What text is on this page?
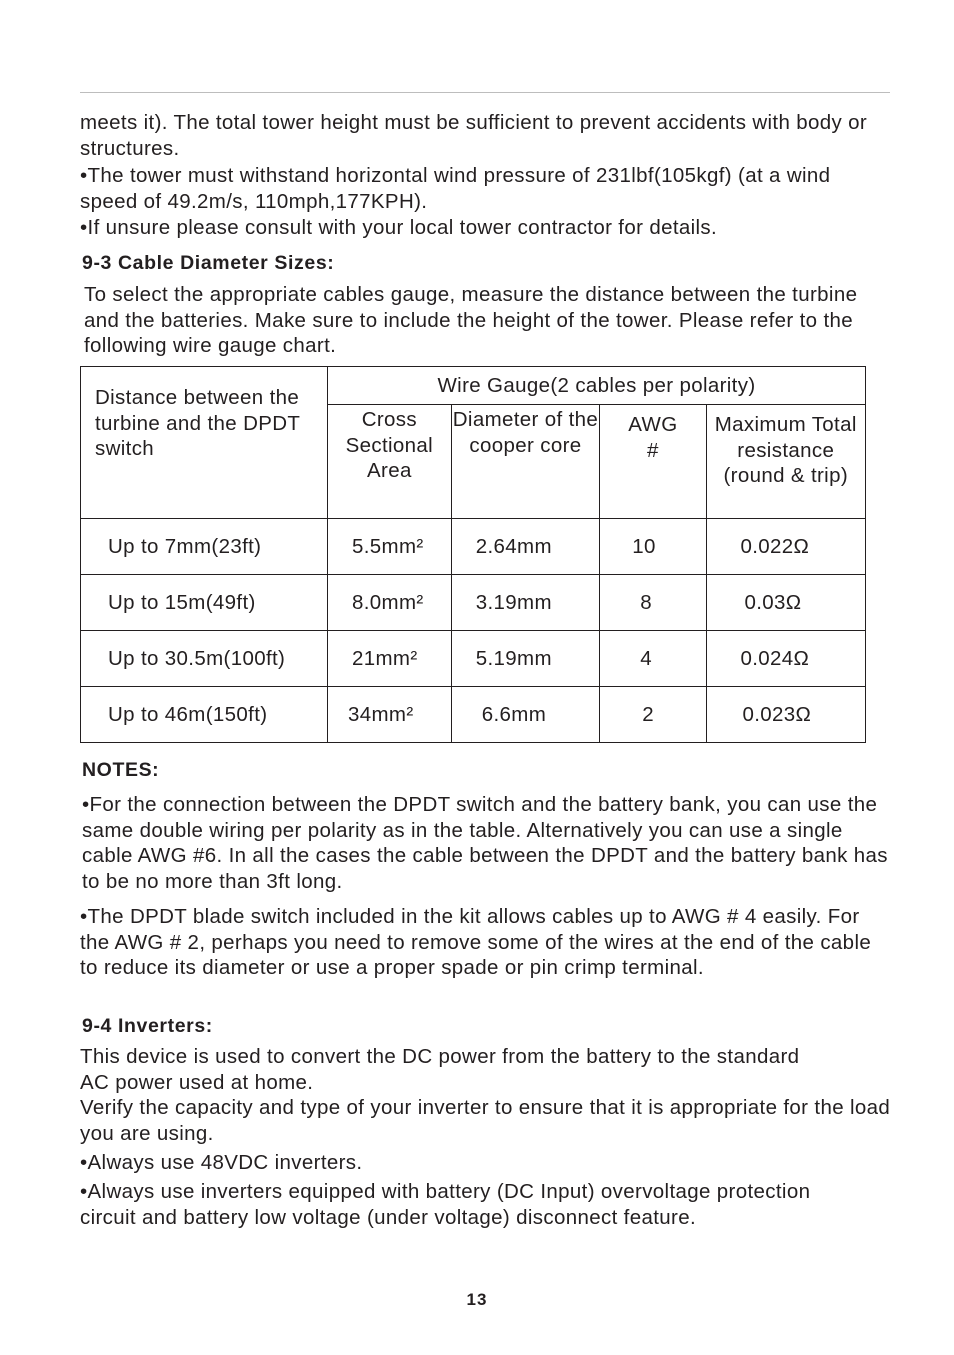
meets it). The total tower height must be sufficient to prevent accidents with body or structures.

•The tower must withstand horizontal wind pressure of 231lbf(105kgf) (at a wind speed of 49.2m/s, 110mph,177KPH).

•If unsure please consult with your local tower contractor for details.

9-3 Cable Diameter Sizes:

To select the appropriate cables gauge, measure the distance between the turbine and the batteries. Make sure to include the height of the tower. Please refer to the following wire gauge chart.

Distance between the turbine and the DPDT switch	Wire Gauge(2 cables per polarity)			
	Cross Sectional Area	Diameter of the cooper core	AWG #	Maximum Total resistance (round & trip)
Up to 7mm(23ft)	5.5mm²	2.64mm	10	0.022Ω
Up to 15m(49ft)	8.0mm²	3.19mm	8	0.03Ω
Up to 30.5m(100ft)	21mm²	5.19mm	4	0.024Ω
Up to 46m(150ft)	34mm²	6.6mm	2	0.023Ω
NOTES:

•For the connection between the DPDT switch and the battery bank, you can use the same double wiring per polarity as in the table. Alternatively you can use a single cable AWG #6. In all the cases the cable between the DPDT and the battery bank has to be no more than 3ft long.

•The DPDT blade switch included in the kit allows cables up to AWG # 4 easily. For the AWG # 2, perhaps you need to remove some of the wires at the end of the cable to reduce its diameter or use a proper spade or pin crimp terminal.

9-4 Inverters:

This device is used to convert the DC power from the battery to the standard AC power used at home.

Verify the capacity and type of your inverter to ensure that it is appropriate for the load you are using.

•Always use 48VDC inverters.

•Always use inverters equipped with battery (DC Input) overvoltage protection circuit and battery low voltage (under voltage) disconnect feature.

13
